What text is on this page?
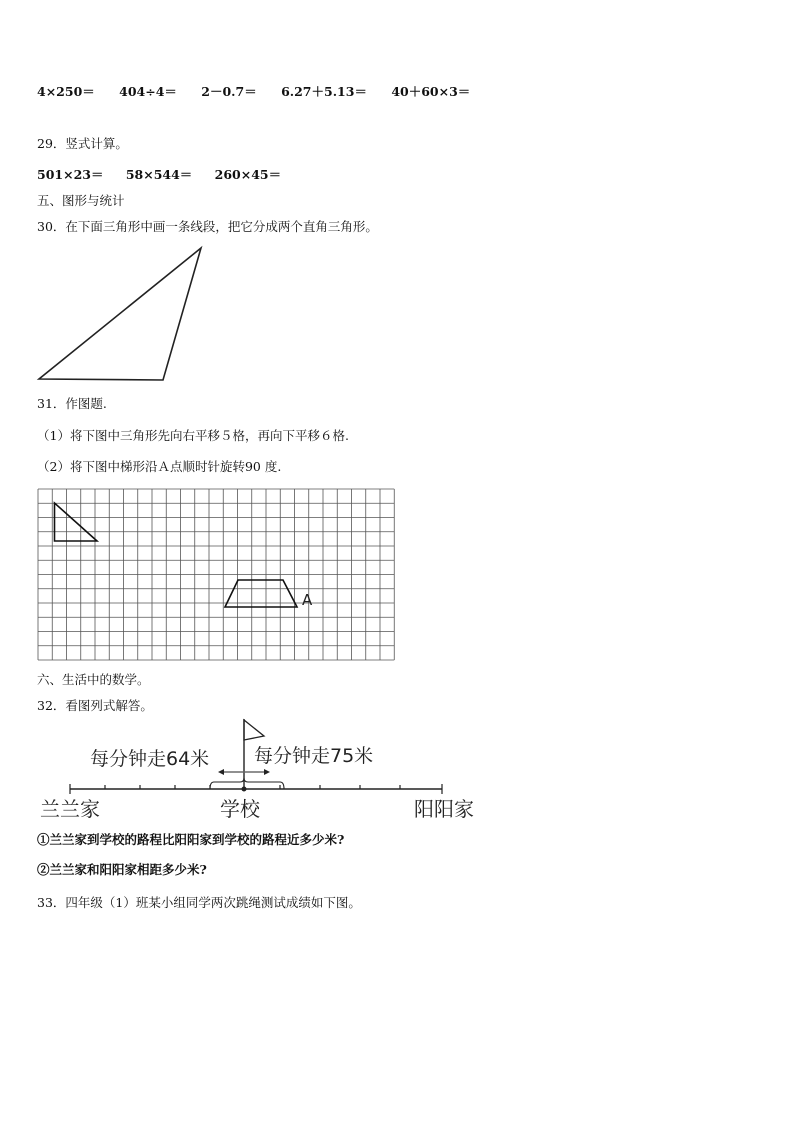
4×250＝ 404÷4＝ 2－0.7＝ 6.27＋5.13＝ 40＋60×3＝
29．竖式计算。
501×23＝ 58×544＝ 260×45＝
五、图形与统计
30．在下面三角形中画一条线段，把它分成两个直角三角形。
31．作图题.
（1）将下图中三角形先向右平移５格，再向下平移６格.
（2）将下图中梯形沿Ａ点顺时针旋转90 度.
A
六、生活中的数学。
32．看图列式解答。
每分钟走64米 每分钟走75米
兰兰家	学校	阳阳家
①兰兰家到学校的路程比阳阳家到学校的路程近多少米?
②兰兰家和阳阳家相距多少米?
33．四年级（1）班某小组同学两次跳绳测试成绩如下图。
